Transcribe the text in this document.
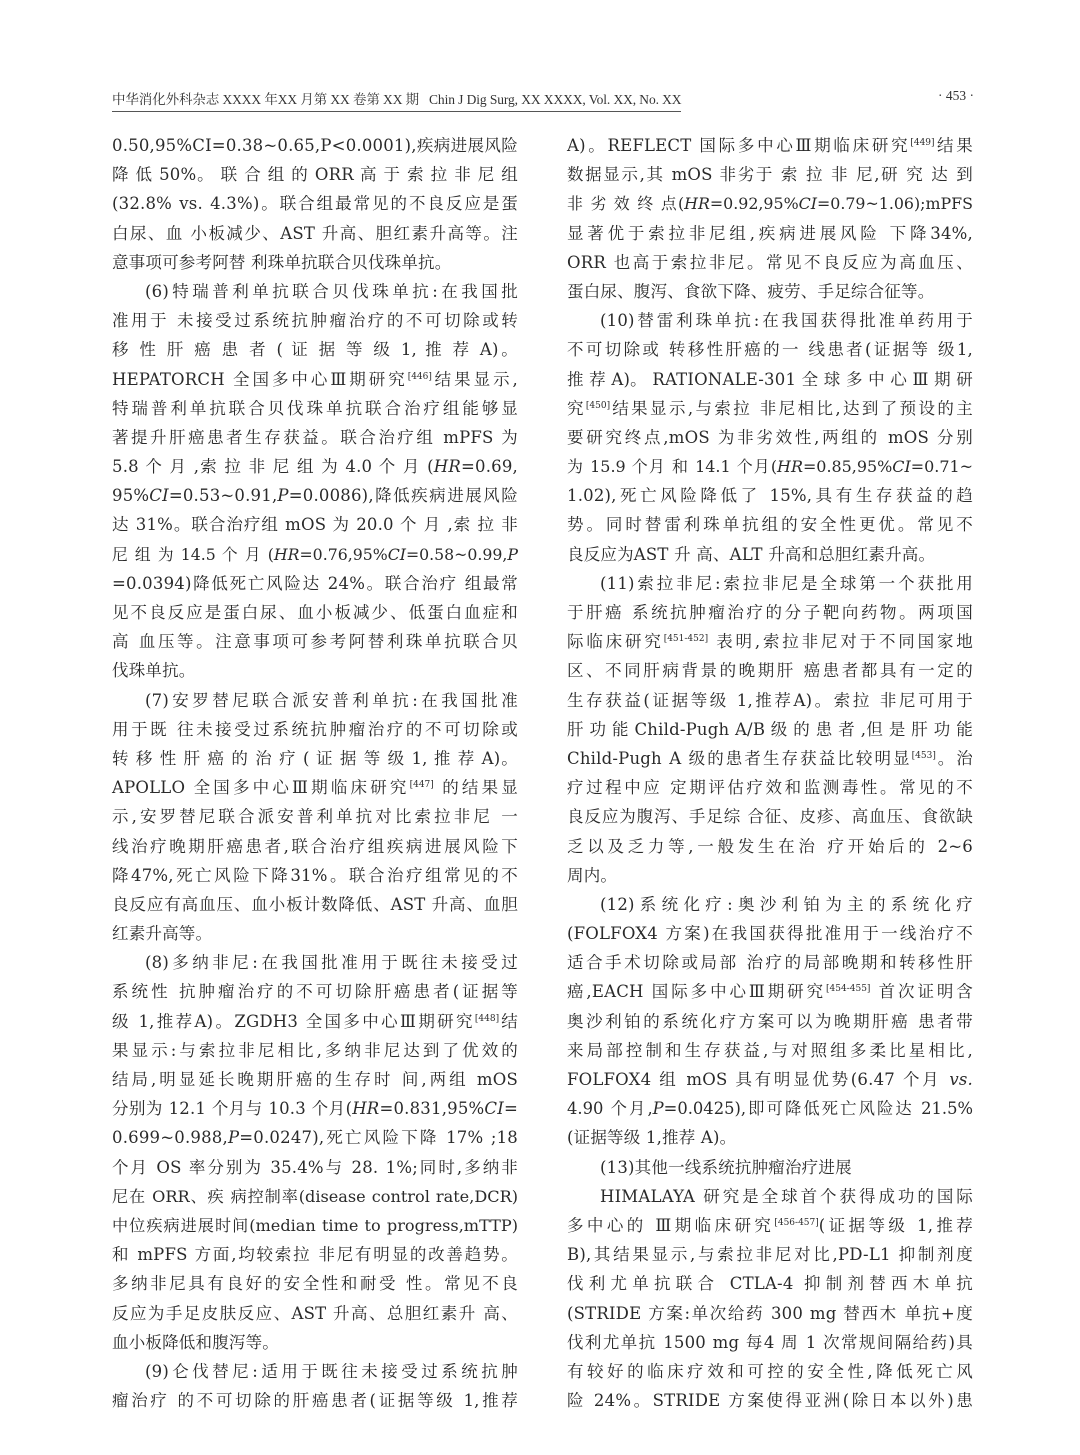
中华消化外科杂志 XXXX 年XX 月第 XX 卷第 XX 期 Chin J Dig Surg, XX XXXX, Vol. XX, No. XX	· 453 ·
0.50,95%CI=0.38~0.65,P<0.0001),疾病进展风险
降 低 50%。 联 合 组 的 ORR 高 于 索 拉 非 尼 组
(32.8% vs. 4.3%)。联合组最常见的不良反应是蛋
白尿、血 小板减少、AST 升高、胆红素升高等。注
意事项可参考阿替 利珠单抗联合贝伐珠单抗。
(6)特瑞普利单抗联合贝伐珠单抗:在我国批
准用于 未接受过系统抗肿瘤治疗的不可切除或转
移 性 肝 癌 患 者 ( 证 据 等 级 1, 推 荐 A)。
HEPATORCH 全国多中心Ⅲ期研究[446]结果显示,
特瑞普利单抗联合贝伐珠单抗联合治疗组能够显
著提升肝癌患者生存获益。联合治疗组 mPFS 为
5.8 个 月 ,索 拉 非 尼 组 为 4.0 个 月 (HR=0.69,
95%CI=0.53~0.91,P=0.0086),降低疾病进展风险
达 31%。联合治疗组 mOS 为 20.0 个 月 ,索 拉 非
尼 组 为 14.5 个 月 (HR=0.76,95%CI=0.58~0.99,P
=0.0394)降低死亡风险达 24%。联合治疗 组最常
见不良反应是蛋白尿、血小板减少、低蛋白血症和
高 血压等。注意事项可参考阿替利珠单抗联合贝
伐珠单抗。
(7)安罗替尼联合派安普利单抗:在我国批准
用于既 往未接受过系统抗肿瘤治疗的不可切除或
转 移 性 肝 癌 的 治 疗 ( 证 据 等 级 1, 推 荐 A)。
APOLLO 全国多中心Ⅲ期临床研究[447] 的结果显
示,安罗替尼联合派安普利单抗对比索拉非尼 一
线治疗晚期肝癌患者,联合治疗组疾病进展风险下
降47%,死亡风险下降31%。联合治疗组常见的不
良反应有高血压、血小板计数降低、AST 升高、血胆
红素升高等。
(8)多纳非尼:在我国批准用于既往未接受过
系统性 抗肿瘤治疗的不可切除肝癌患者(证据等
级 1,推荐A)。ZGDH3 全国多中心Ⅲ期研究[448]结
果显示:与索拉非尼相比,多纳非尼达到了优效的
结局,明显延长晚期肝癌的生存时 间,两组 mOS
分别为 12.1 个月与 10.3 个月(HR=0.831,95%CI=
0.699~0.988,P=0.0247),死亡风险下降 17% ;18
个月 OS 率分别为 35.4%与 28. 1%;同时,多纳非
尼在 ORR、疾 病控制率(disease control rate,DCR)
中位疾病进展时间(median time to progress,mTTP)
和 mPFS 方面,均较索拉 非尼有明显的改善趋势。
多纳非尼具有良好的安全性和耐受 性。常见不良
反应为手足皮肤反应、AST 升高、总胆红素升 高、
血小板降低和腹泻等。
(9)仑伐替尼:适用于既往未接受过系统抗肿
瘤治疗 的不可切除的肝癌患者(证据等级 1,推荐
A)。REFLECT 国际多中心Ⅲ期临床研究[449]结果
数据显示,其 mOS 非劣于 索 拉 非 尼,研 究 达 到
非 劣 效 终 点(HR=0.92,95%CI=0.79~1.06);mPFS
显著优于索拉非尼组,疾病进展风险 下降34%,
ORR 也高于索拉非尼。常见不良反应为高血压、
蛋白尿、腹泻、食欲下降、疲劳、手足综合征等。
(10)替雷利珠单抗:在我国获得批准单药用于
不可切除或 转移性肝癌的一 线患者(证据等 级1,
推 荐 A)。 RATIONALE-301 全 球 多 中 心 Ⅲ 期 研
究[450]结果显示,与索拉 非尼相比,达到了预设的主
要研究终点,mOS 为非劣效性,两组的 mOS 分别
为 15.9 个月 和 14.1 个月(HR=0.85,95%CI=0.71~
1.02),死亡风险降低了 15%,具有生存获益的趋
势。同时替雷利珠单抗组的安全性更优。常见不
良反应为AST 升 高、ALT 升高和总胆红素升高。
(11)索拉非尼:索拉非尼是全球第一个获批用
于肝癌 系统抗肿瘤治疗的分子靶向药物。两项国
际临床研究[451-452] 表明,索拉非尼对于不同国家地
区、不同肝病背景的晚期肝 癌患者都具有一定的
生存获益(证据等级 1,推荐A)。索拉 非尼可用于
肝 功 能 Child-Pugh A/B 级 的 患 者 ,但 是 肝 功 能
Child-Pugh A 级的患者生存获益比较明显[453]。治
疗过程中应 定期评估疗效和监测毒性。常见的不
良反应为腹泻、手足综 合征、皮疹、高血压、食欲缺
乏以及乏力等,一般发生在治 疗开始后的 2~6
周内。
(12)系统化疗:奥沙利铂为主的系统化疗
(FOLFOX4 方案)在我国获得批准用于一线治疗不
适合手术切除或局部 治疗的局部晚期和转移性肝
癌,EACH 国际多中心Ⅲ期研究[454-455] 首次证明含
奥沙利铂的系统化疗方案可以为晚期肝癌 患者带
来局部控制和生存获益,与对照组多柔比星相比,
FOLFOX4 组 mOS 具有明显优势(6.47 个月 vs.
4.90 个月,P=0.0425),即可降低死亡风险达 21.5%
(证据等级 1,推荐 A)。
(13)其他一线系统抗肿瘤治疗进展
HIMALAYA 研究是全球首个获得成功的国际
多中心的 Ⅲ期临床研究[456-457](证据等级 1,推荐
B),其结果显示,与索拉非尼对比,PD-L1 抑制剂度
伐利尤单抗联合 CTLA-4 抑制剂替西木单抗
(STRIDE 方案:单次给药 300 mg 替西木 单抗+度
伐利尤单抗 1500 mg 每4 周 1 次常规间隔给药)具
有较好的临床疗效和可控的安全性,降低死亡风
险 24%。STRIDE 方案使得亚洲(除日本以外)患
